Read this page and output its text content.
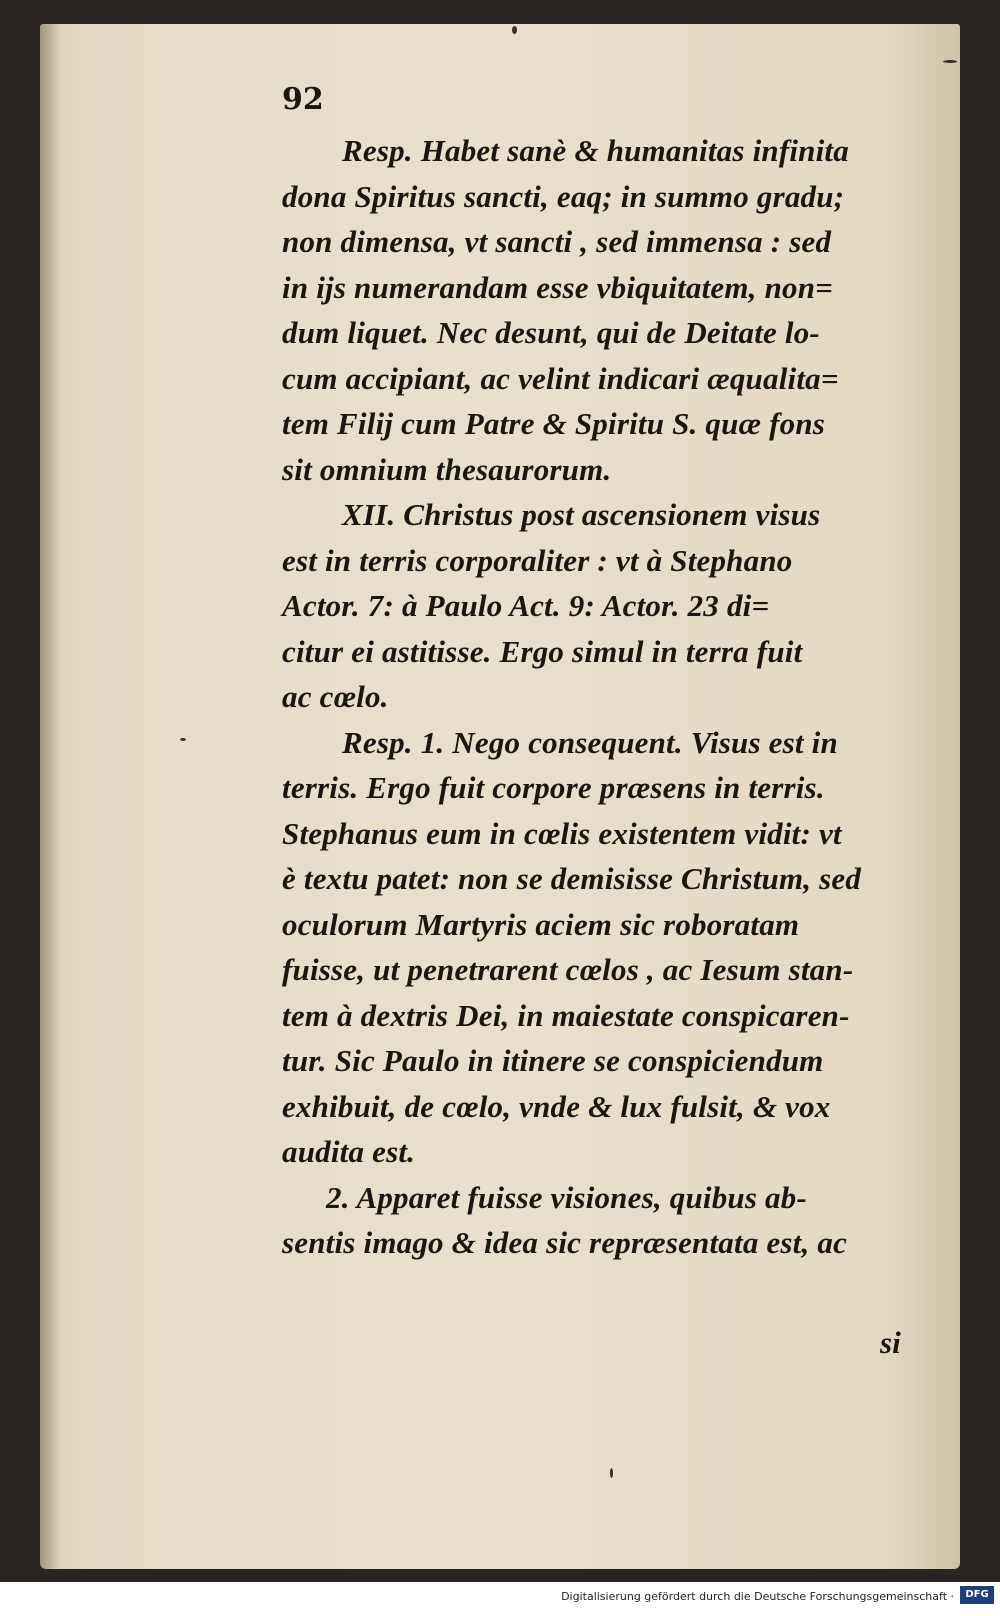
92
Resp. Habet sanè & humanitas infinita
dona Spiritus sancti, eaq; in summo gradu;
non dimensa, vt sancti , sed immensa : sed
in ijs numerandam esse vbiquitatem, non=
dum liquet. Nec desunt, qui de Deitate lo-
cum accipiant, ac velint indicari æqualita=
tem Filij cum Patre & Spiritu S. quæ fons
sit omnium thesaurorum.
XII. Christus post ascensionem visus
est in terris corporaliter : vt à Stephano
Actor. 7: à Paulo Act. 9: Actor. 23 di=
citur ei astitisse. Ergo simul in terra fuit
ac cœlo.
Resp. 1. Nego consequent. Visus est in
terris. Ergo fuit corpore præsens in terris.
Stephanus eum in cœlis existentem vidit: vt
è textu patet: non se demisisse Christum, sed
oculorum Martyris aciem sic roboratam
fuisse, ut penetrarent cœlos , ac Iesum stan-
tem à dextris Dei, in maiestate conspicaren-
tur. Sic Paulo in itinere se conspiciendum
exhibuit, de cœlo, vnde & lux fulsit, & vox
audita est.
2. Apparet fuisse visiones, quibus ab-
sentis imago & idea sic repræsentata est, ac
si
Digitalisierung gefördert durch die Deutsche Forschungsgemeinschaft ·	DFG
